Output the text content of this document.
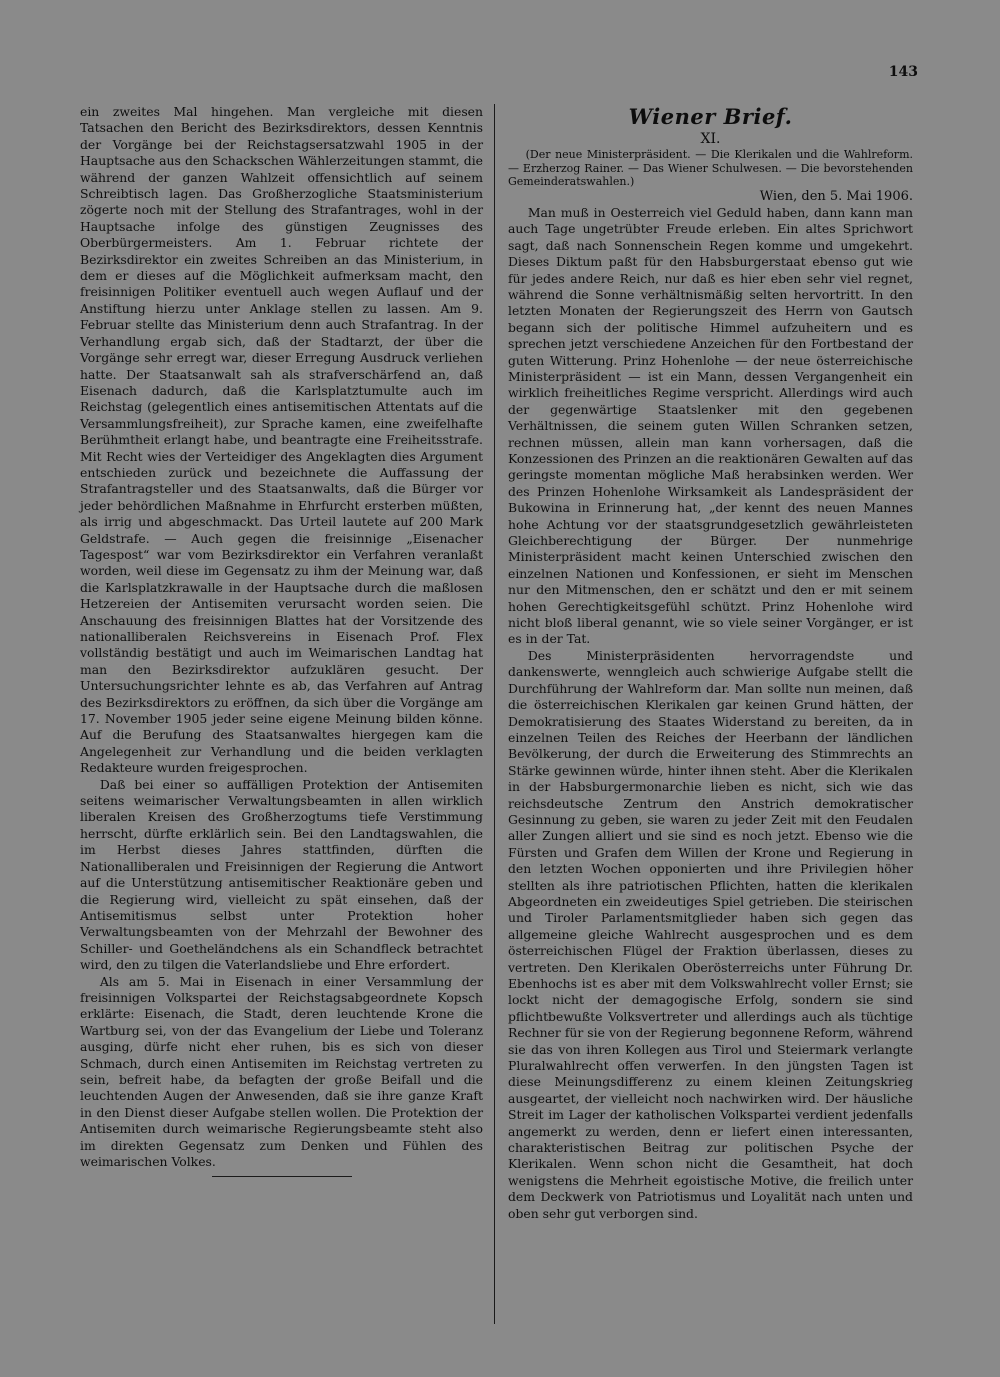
143

ein zweites Mal hingehen. Man vergleiche mit diesen Tatsachen den Bericht des Bezirksdirektors, dessen Kenntnis der Vorgänge bei der Reichstagsersatzwahl 1905 in der Hauptsache aus den Schackschen Wählerzeitungen stammt, die während der ganzen Wahlzeit offensichtlich auf seinem Schreibtisch lagen. Das Großherzogliche Staatsministerium zögerte noch mit der Stellung des Strafantrages, wohl in der Hauptsache infolge des günstigen Zeugnisses des Oberbürgermeisters. Am 1. Februar richtete der Bezirksdirektor ein zweites Schreiben an das Ministerium, in dem er dieses auf die Möglichkeit aufmerksam macht, den freisinnigen Politiker eventuell auch wegen Auflauf und der Anstiftung hierzu unter Anklage stellen zu lassen. Am 9. Februar stellte das Ministerium denn auch Strafantrag. In der Verhandlung ergab sich, daß der Stadtarzt, der über die Vorgänge sehr erregt war, dieser Erregung Ausdruck verliehen hatte. Der Staatsanwalt sah als strafverschärfend an, daß Eisenach dadurch, daß die Karlsplatztumulte auch im Reichstag (gelegentlich eines antisemitischen Attentats auf die Versammlungsfreiheit), zur Sprache kamen, eine zweifelhafte Berühmtheit erlangt habe, und beantragte eine Freiheitsstrafe. Mit Recht wies der Verteidiger des Angeklagten dies Argument entschieden zurück und bezeichnete die Auffassung der Strafantragsteller und des Staatsanwalts, daß die Bürger vor jeder behördlichen Maßnahme in Ehrfurcht ersterben müßten, als irrig und abgeschmackt. Das Urteil lautete auf 200 Mark Geldstrafe. — Auch gegen die freisinnige „Eisenacher Tagespost“ war vom Bezirksdirektor ein Verfahren veranlaßt worden, weil diese im Gegensatz zu ihm der Meinung war, daß die Karlsplatzkrawalle in der Hauptsache durch die maßlosen Hetzereien der Antisemiten verursacht worden seien. Die Anschauung des freisinnigen Blattes hat der Vorsitzende des nationalliberalen Reichsvereins in Eisenach Prof. Flex vollständig bestätigt und auch im Weimarischen Landtag hat man den Bezirksdirektor aufzuklären gesucht. Der Untersuchungsrichter lehnte es ab, das Verfahren auf Antrag des Bezirksdirektors zu eröffnen, da sich über die Vorgänge am 17. November 1905 jeder seine eigene Meinung bilden könne. Auf die Berufung des Staatsanwaltes hiergegen kam die Angelegenheit zur Verhandlung und die beiden verklagten Redakteure wurden freigesprochen.

Daß bei einer so auffälligen Protektion der Antisemiten seitens weimarischer Verwaltungsbeamten in allen wirklich liberalen Kreisen des Großherzogtums tiefe Verstimmung herrscht, dürfte erklärlich sein. Bei den Landtagswahlen, die im Herbst dieses Jahres stattfinden, dürften die Nationalliberalen und Freisinnigen der Regierung die Antwort auf die Unterstützung antisemitischer Reaktionäre geben und die Regierung wird, vielleicht zu spät einsehen, daß der Antisemitismus selbst unter Protektion hoher Verwaltungsbeamten von der Mehrzahl der Bewohner des Schiller- und Goetheländchens als ein Schandfleck betrachtet wird, den zu tilgen die Vaterlandsliebe und Ehre erfordert.

Als am 5. Mai in Eisenach in einer Versammlung der freisinnigen Volkspartei der Reichstagsabgeordnete Kopsch erklärte: Eisenach, die Stadt, deren leuchtende Krone die Wartburg sei, von der das Evangelium der Liebe und Toleranz ausging, dürfe nicht eher ruhen, bis es sich von dieser Schmach, durch einen Antisemiten im Reichstag vertreten zu sein, befreit habe, da befagten der große Beifall und die leuchtenden Augen der Anwesenden, daß sie ihre ganze Kraft in den Dienst dieser Aufgabe stellen wollen. Die Protektion der Antisemiten durch weimarische Regierungsbeamte steht also im direkten Gegensatz zum Denken und Fühlen des weimarischen Volkes.

Wiener Brief.
XI.

(Der neue Ministerpräsident. — Die Klerikalen und die Wahlreform. — Erzherzog Rainer. — Das Wiener Schulwesen. — Die bevorstehenden Gemeinderatswahlen.)

Wien, den 5. Mai 1906.

Man muß in Oesterreich viel Geduld haben, dann kann man auch Tage ungetrübter Freude erleben. Ein altes Sprichwort sagt, daß nach Sonnenschein Regen komme und umgekehrt. Dieses Diktum paßt für den Habsburgerstaat ebenso gut wie für jedes andere Reich, nur daß es hier eben sehr viel regnet, während die Sonne verhältnismäßig selten hervortritt. In den letzten Monaten der Regierungszeit des Herrn von Gautsch begann sich der politische Himmel aufzuheitern und es sprechen jetzt verschiedene Anzeichen für den Fortbestand der guten Witterung. Prinz Hohenlohe — der neue österreichische Ministerpräsident — ist ein Mann, dessen Vergangenheit ein wirklich freiheitliches Regime verspricht. Allerdings wird auch der gegenwärtige Staatslenker mit den gegebenen Verhältnissen, die seinem guten Willen Schranken setzen, rechnen müssen, allein man kann vorhersagen, daß die Konzessionen des Prinzen an die reaktionären Gewalten auf das geringste momentan mögliche Maß herabsinken werden. Wer des Prinzen Hohenlohe Wirksamkeit als Landespräsident der Bukowina in Erinnerung hat, „der kennt des neuen Mannes hohe Achtung vor der staatsgrundgesetzlich gewährleisteten Gleichberechtigung der Bürger. Der nunmehrige Ministerpräsident macht keinen Unterschied zwischen den einzelnen Nationen und Konfessionen, er sieht im Menschen nur den Mitmenschen, den er schätzt und den er mit seinem hohen Gerechtigkeitsgefühl schützt. Prinz Hohenlohe wird nicht bloß liberal genannt, wie so viele seiner Vorgänger, er ist es in der Tat.

Des Ministerpräsidenten hervorragendste und dankenswerte, wenngleich auch schwierige Aufgabe stellt die Durchführung der Wahlreform dar. Man sollte nun meinen, daß die österreichischen Klerikalen gar keinen Grund hätten, der Demokratisierung des Staates Widerstand zu bereiten, da in einzelnen Teilen des Reiches der Heerbann der ländlichen Bevölkerung, der durch die Erweiterung des Stimmrechts an Stärke gewinnen würde, hinter ihnen steht. Aber die Klerikalen in der Habsburgermonarchie lieben es nicht, sich wie das reichsdeutsche Zentrum den Anstrich demokratischer Gesinnung zu geben, sie waren zu jeder Zeit mit den Feudalen aller Zungen alliert und sie sind es noch jetzt. Ebenso wie die Fürsten und Grafen dem Willen der Krone und Regierung in den letzten Wochen opponierten und ihre Privilegien höher stellten als ihre patriotischen Pflichten, hatten die klerikalen Abgeordneten ein zweideutiges Spiel getrieben. Die steirischen und Tiroler Parlamentsmitglieder haben sich gegen das allgemeine gleiche Wahlrecht ausgesprochen und es dem österreichischen Flügel der Fraktion überlassen, dieses zu vertreten. Den Klerikalen Oberösterreichs unter Führung Dr. Ebenhochs ist es aber mit dem Volkswahlrecht voller Ernst; sie lockt nicht der demagogische Erfolg, sondern sie sind pflichtbewußte Volksvertreter und allerdings auch als tüchtige Rechner für sie von der Regierung begonnene Reform, während sie das von ihren Kollegen aus Tirol und Steiermark verlangte Pluralwahlrecht offen verwerfen. In den jüngsten Tagen ist diese Meinungsdifferenz zu einem kleinen Zeitungskrieg ausgeartet, der vielleicht noch nachwirken wird. Der häusliche Streit im Lager der katholischen Volkspartei verdient jedenfalls angemerkt zu werden, denn er liefert einen interessanten, charakteristischen Beitrag zur politischen Psyche der Klerikalen. Wenn schon nicht die Gesamtheit, hat doch wenigstens die Mehrheit egoistische Motive, die freilich unter dem Deckwerk von Patriotismus und Loyalität nach unten und oben sehr gut verborgen sind.
